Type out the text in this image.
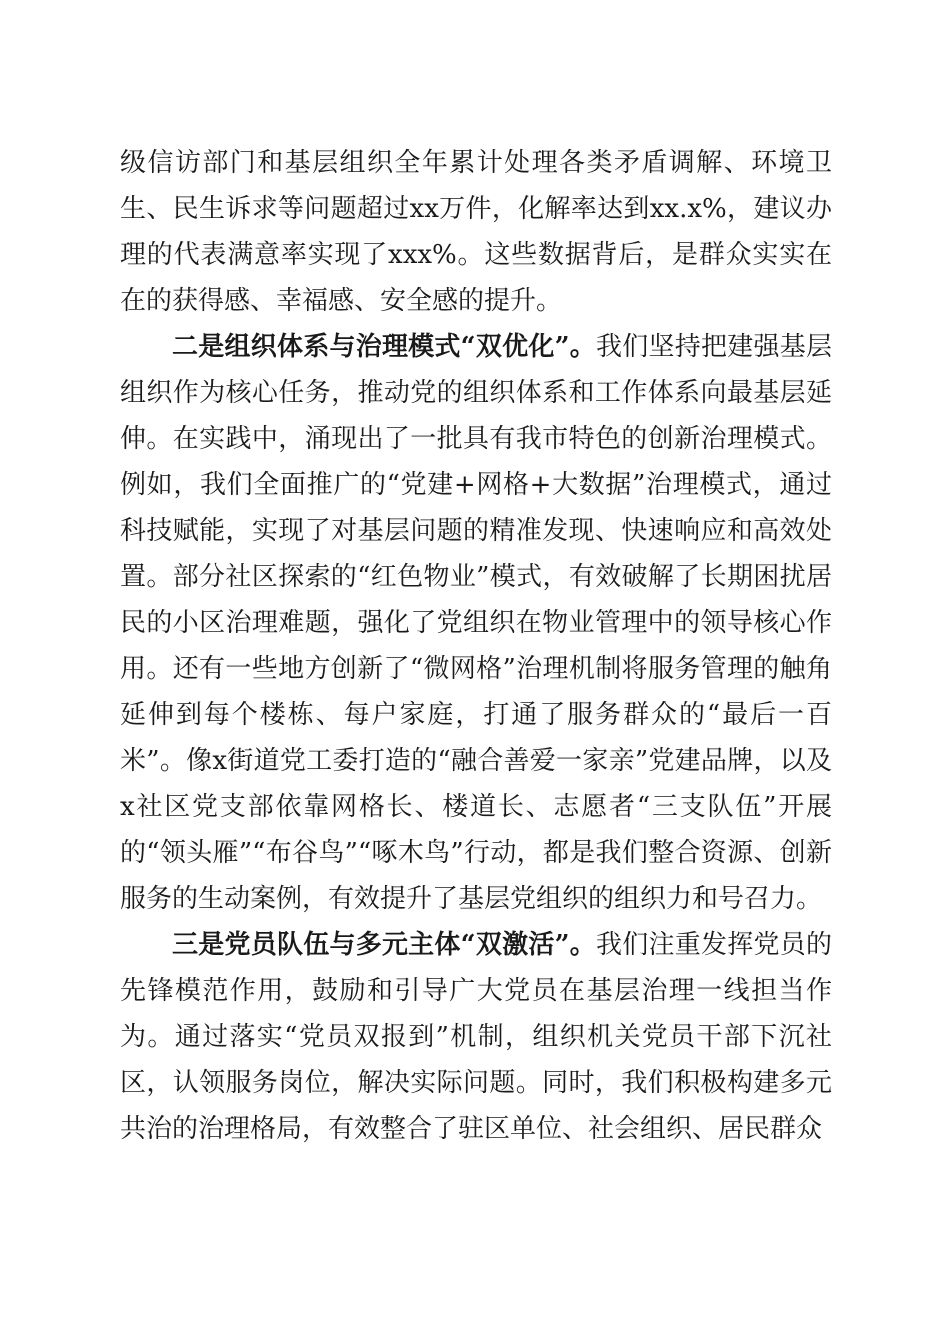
级信访部门和基层组织全年累计处理各类矛盾调解、环境卫生、民生诉求等问题超过xx万件，化解率达到xx.x%，建议办理的代表满意率实现了xxx%。这些数据背后，是群众实实在在的获得感、幸福感、安全感的提升。

二是组织体系与治理模式“双优化”。我们坚持把建强基层组织作为核心任务，推动党的组织体系和工作体系向最基层延伸。在实践中，涌现出了一批具有我市特色的创新治理模式。例如，我们全面推广的“党建+网格+大数据”治理模式，通过科技赋能，实现了对基层问题的精准发现、快速响应和高效处置。部分社区探索的“红色物业”模式，有效破解了长期困扰居民的小区治理难题，强化了党组织在物业管理中的领导核心作用。还有一些地方创新了“微网格”治理机制将服务管理的触角延伸到每个楼栋、每户家庭，打通了服务群众的“最后一百米”。像x街道党工委打造的“融合善爱一家亲”党建品牌，以及x社区党支部依靠网格长、楼道长、志愿者“三支队伍”开展的“领头雁”“布谷鸟”“啄木鸟”行动，都是我们整合资源、创新服务的生动案例，有效提升了基层党组织的组织力和号召力。

三是党员队伍与多元主体“双激活”。我们注重发挥党员的先锋模范作用，鼓励和引导广大党员在基层治理一线担当作为。通过落实“党员双报到”机制，组织机关党员干部下沉社区，认领服务岗位，解决实际问题。同时，我们积极构建多元共治的治理格局，有效整合了驻区单位、社会组织、居民群众
